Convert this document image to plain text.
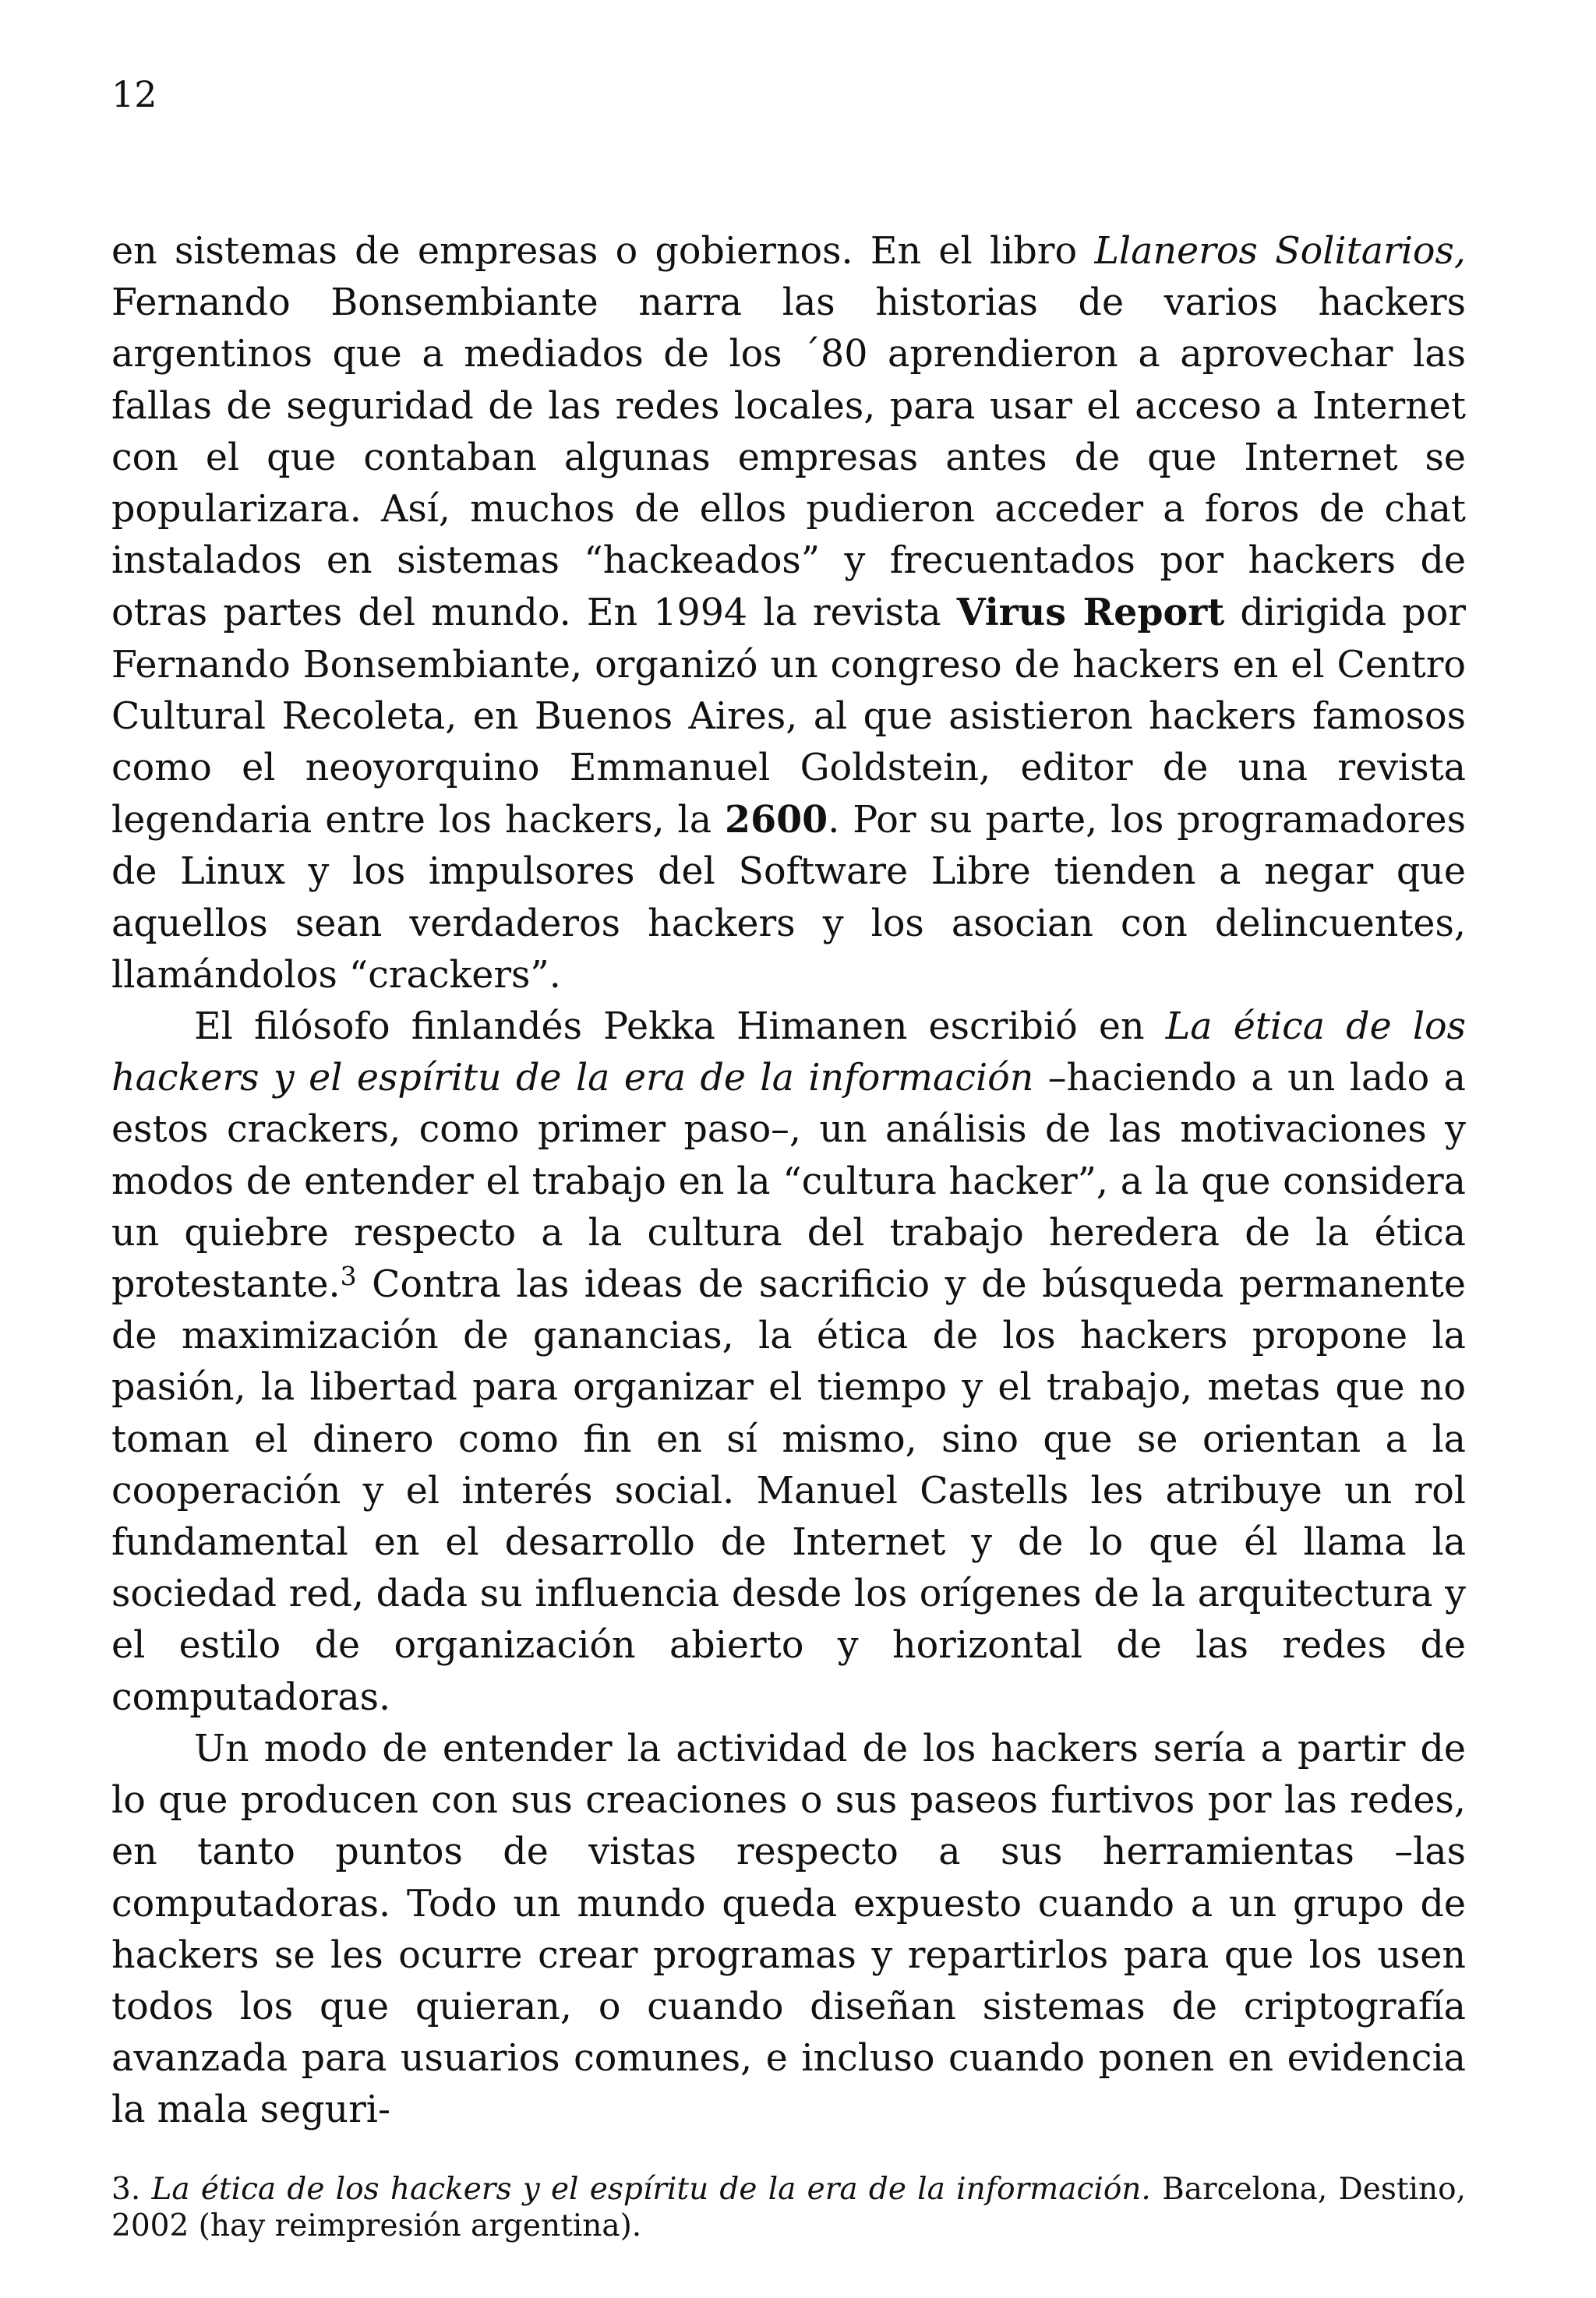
12

en sistemas de empresas o gobiernos. En el libro Llaneros Solitarios, Fernando Bonsembiante narra las historias de varios hackers argentinos que a mediados de los ´80 aprendieron a aprovechar las fallas de seguridad de las redes locales, para usar el acceso a Internet con el que contaban algunas empresas antes de que Internet se popularizara. Así, muchos de ellos pudieron acceder a foros de chat instalados en sistemas “hackeados” y frecuentados por hackers de otras partes del mundo. En 1994 la revista Virus Report dirigida por Fernando Bonsembiante, organizó un congreso de hackers en el Centro Cultural Recoleta, en Buenos Aires, al que asistieron hackers famosos como el neoyorquino Emmanuel Goldstein, editor de una revista legendaria entre los hackers, la 2600. Por su parte, los programadores de Linux y los impulsores del Software Libre tienden a negar que aquellos sean verdaderos hackers y los asocian con delincuentes, llamándolos “crackers”.

El filósofo finlandés Pekka Himanen escribió en La ética de los hackers y el espíritu de la era de la información –haciendo a un lado a estos crackers, como primer paso–, un análisis de las motivaciones y modos de entender el trabajo en la “cultura hacker”, a la que considera un quiebre respecto a la cultura del trabajo heredera de la ética protestante.$^3$ Contra las ideas de sacrificio y de búsqueda permanente de maximización de ganancias, la ética de los hackers propone la pasión, la libertad para organizar el tiempo y el trabajo, metas que no toman el dinero como fin en sí mismo, sino que se orientan a la cooperación y el interés social. Manuel Castells les atribuye un rol fundamental en el desarrollo de Internet y de lo que él llama la sociedad red, dada su influencia desde los orígenes de la arquitectura y el estilo de organización abierto y horizontal de las redes de computadoras.

Un modo de entender la actividad de los hackers sería a partir de lo que producen con sus creaciones o sus paseos furtivos por las redes, en tanto puntos de vistas respecto a sus herramientas –las computadoras. Todo un mundo queda expuesto cuando a un grupo de hackers se les ocurre crear programas y repartirlos para que los usen todos los que quieran, o cuando diseñan sistemas de criptografía avanzada para usuarios comunes, e incluso cuando ponen en evidencia la mala seguri-

3. La ética de los hackers y el espíritu de la era de la información. Barcelona, Destino, 2002 (hay reimpresión argentina).
